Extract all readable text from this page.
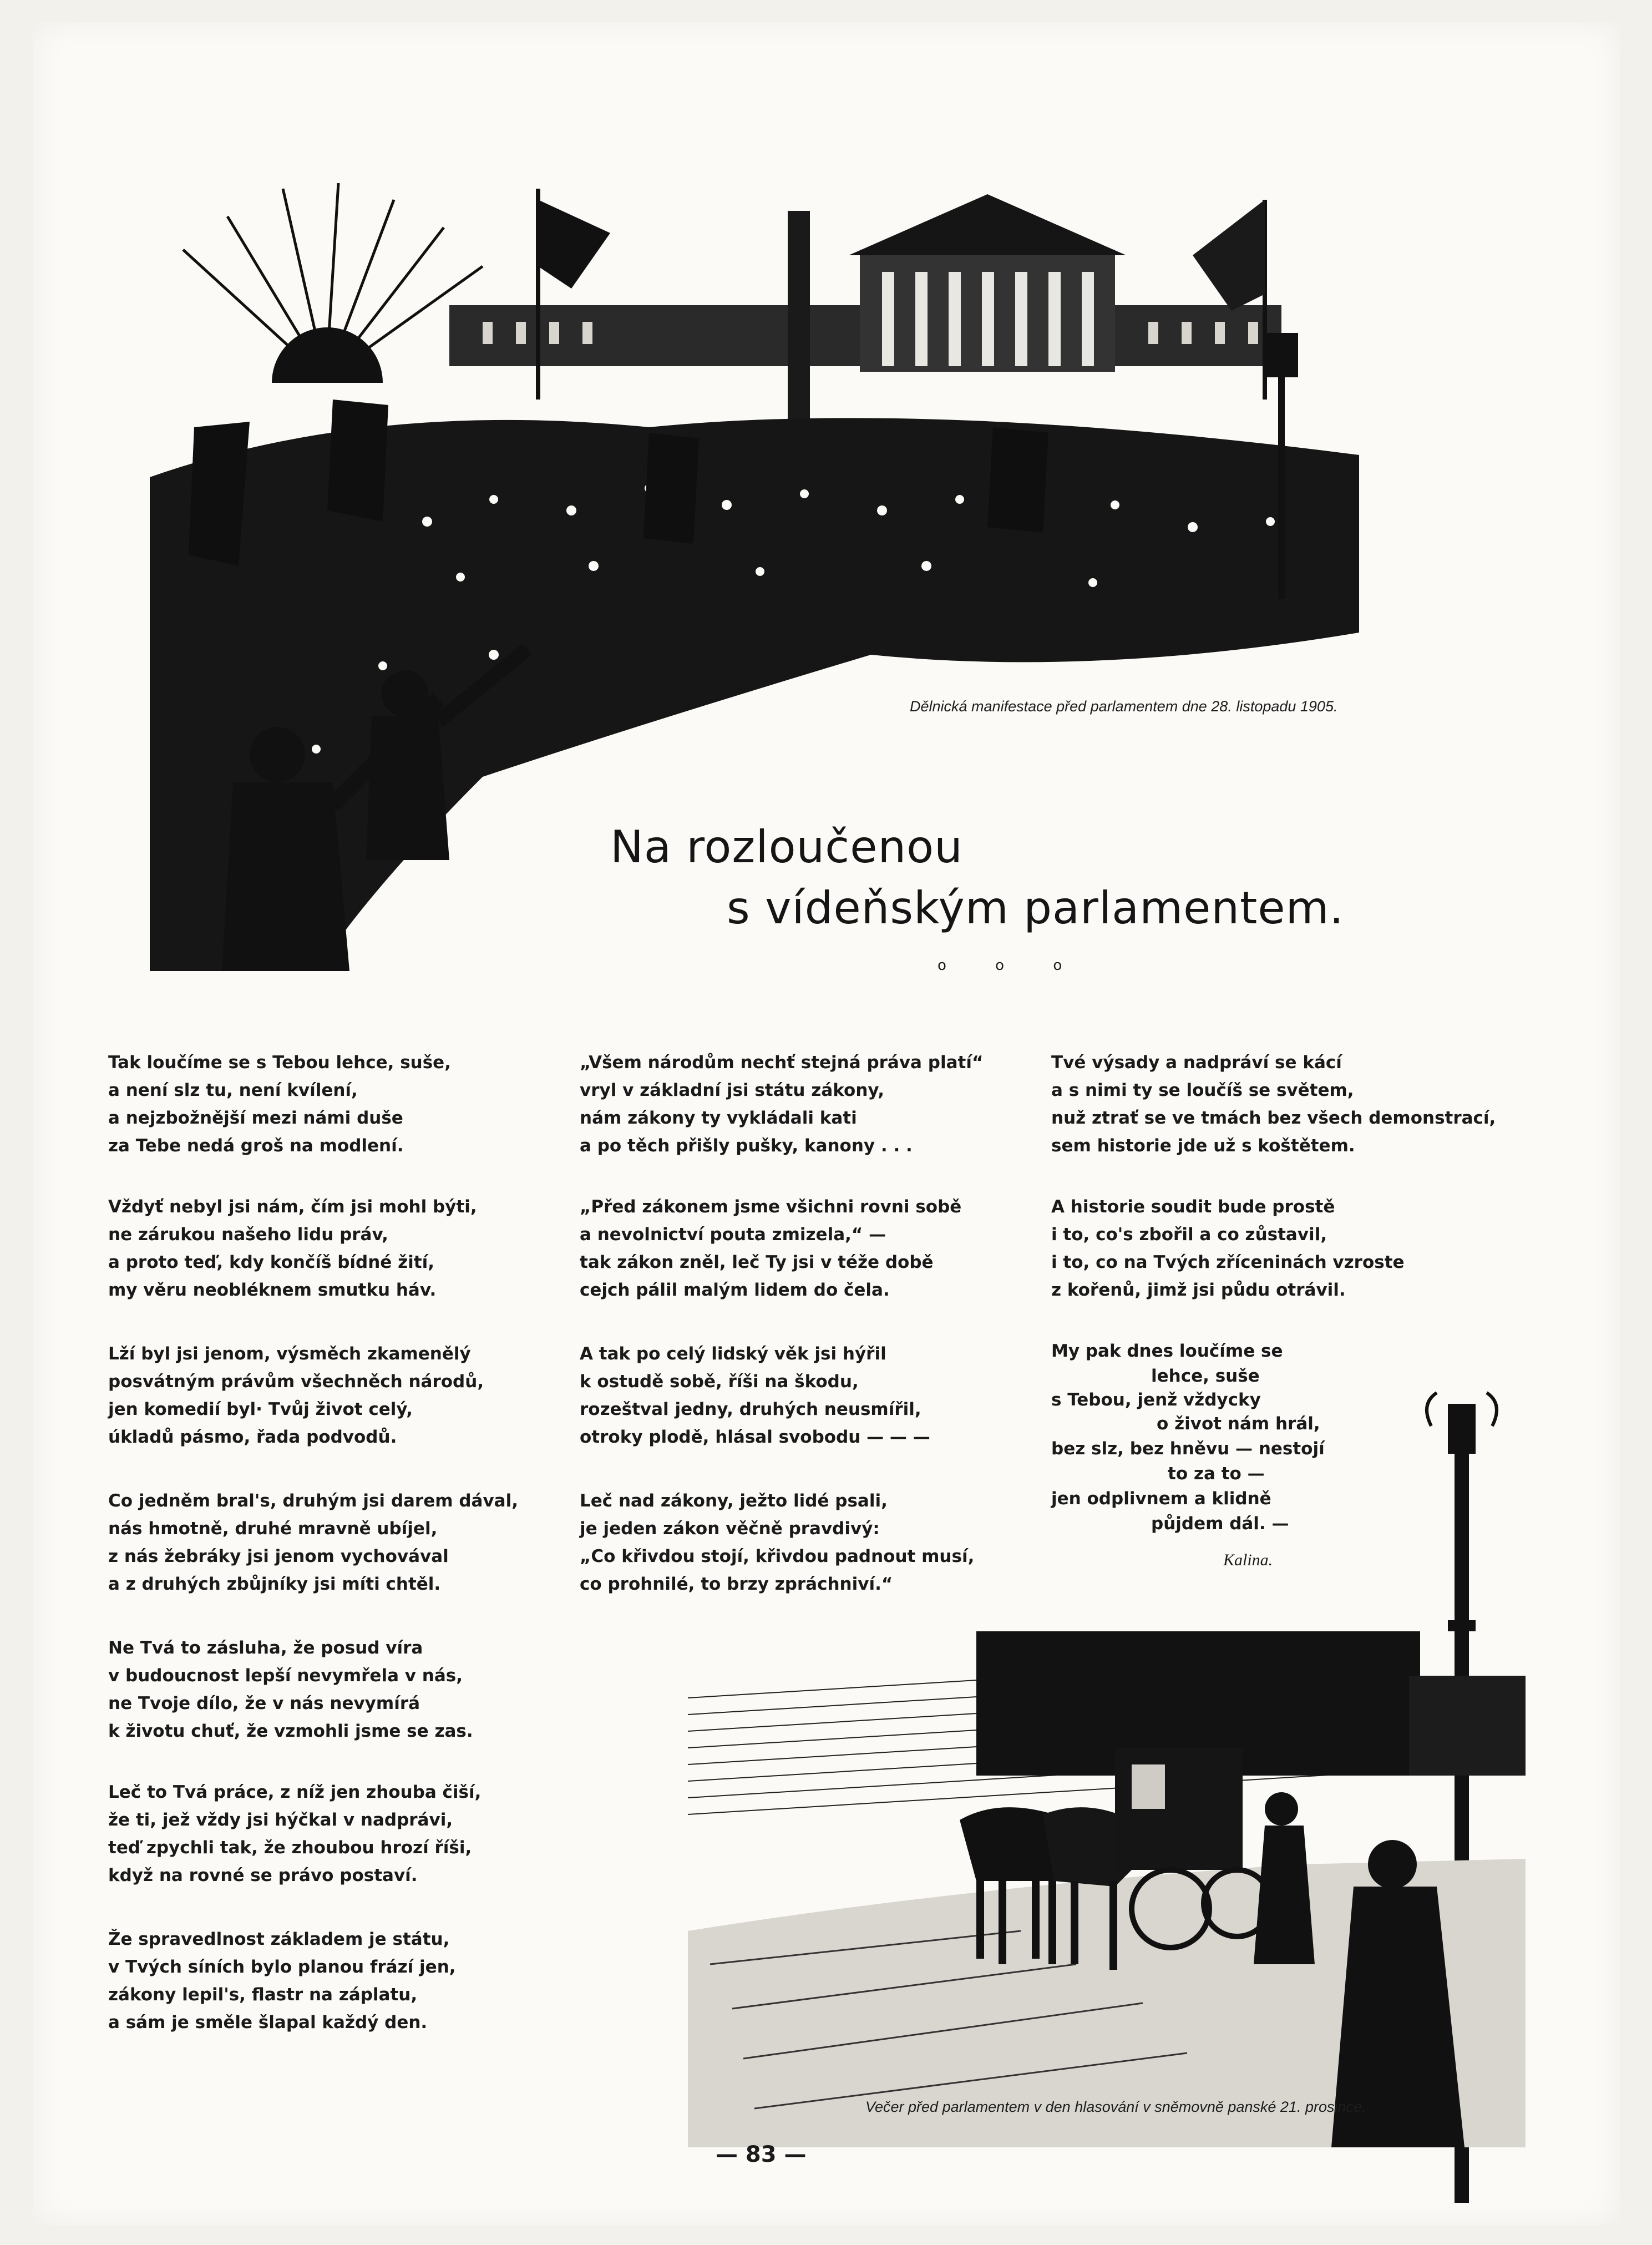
Dělnická manifestace před parlamentem dne 28. listopadu 1905.
Na rozloučenou
s vídeňským parlamentem.
o o o
Tak loučíme se s Tebou lehce, suše,
a není slz tu, není kvílení,
a nejzbožnější mezi námi duše
za Tebe nedá groš na modlení.
Vždyť nebyl jsi nám, čím jsi mohl býti,
ne zárukou našeho lidu práv,
a proto teď, kdy končíš bídné žití,
my věru neobléknem smutku háv.
Lží byl jsi jenom, výsměch zkamenělý
posvátným právům všechněch národů,
jen komedií byl· Tvůj život celý,
úkladů pásmo, řada podvodů.
Co jedněm bral's, druhým jsi darem dával,
nás hmotně, druhé mravně ubíjel,
z nás žebráky jsi jenom vychovával
a z druhých zbůjníky jsi míti chtěl.
Ne Tvá to zásluha, že posud víra
v budoucnost lepší nevymřela v nás,
ne Tvoje dílo, že v nás nevymírá
k životu chuť, že vzmohli jsme se zas.
Leč to Tvá práce, z níž jen zhouba čiší,
že ti, jež vždy jsi hýčkal v nadprávi,
teď zpychli tak, že zhoubou hrozí říši,
když na rovné se právo postaví.
Že spravedlnost základem je státu,
v Tvých síních bylo planou frází jen,
zákony lepil's, flastr na záplatu,
a sám je směle šlapal každý den.
„Všem národům nechť stejná práva platí“
vryl v základní jsi státu zákony,
nám zákony ty vykládali kati
a po těch přišly pušky, kanony . . .
„Před zákonem jsme všichni rovni sobě
a nevolnictví pouta zmizela,“ —
tak zákon zněl, leč Ty jsi v téže době
cejch pálil malým lidem do čela.
A tak po celý lidský věk jsi hýřil
k ostudě sobě, říši na škodu,
rozeštval jedny, druhých neusmířil,
otroky plodě, hlásal svobodu — — —
Leč nad zákony, ježto lidé psali,
je jeden zákon věčně pravdivý:
„Co křivdou stojí, křivdou padnout musí,
co prohnilé, to brzy zpráchniví.“
Tvé výsady a nadpráví se kácí
a s nimi ty se loučíš se světem,
nuž ztrať se ve tmách bez všech demonstrací,
sem historie jde už s koštětem.
A historie soudit bude prostě
i to, co's zbořil a co zůstavil,
i to, co na Tvých zříceninách vzroste
z kořenů, jimž jsi půdu otrávil.
My pak dnes loučíme se
lehce, suše
s Tebou, jenž vždycky
o život nám hrál,
bez slz, bez hněvu — nestojí
to za to —
jen odplivnem a klidně
půjdem dál. —
Kalina.
Večer před parlamentem v den hlasování v sněmovně panské 21. prosince.
— 83 —
